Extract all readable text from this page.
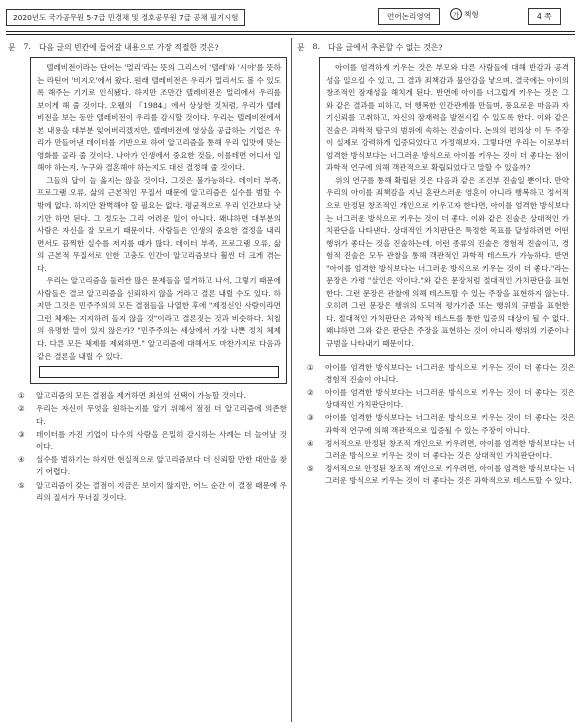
2020년도 국가공무원 5·7급 민경채 및 경호공무원 7급 공채 필기시험	언어논리영역	가 책형	4 쪽
문 7. 다음 글의 빈칸에 들어갈 내용으로 가장 적절한 것은?

텔레비전이라는 단어는 '멀리'라는 뜻의 그리스어 '텔레'와 '시야'를 뜻하는 라틴어 '비지오'에서 왔다. 원래 텔레비전은 우리가 멀리서도 볼 수 있도록 해주는 기기로 인식됐다. 하지만 조만간 텔레비전은 멀리에서 우리를 보이게 해 줄 것이다. 오웰의 『1984』에서 상상한 것처럼, 우리가 텔레비전을 보는 동안 텔레비전이 우리를 감시할 것이다. 우리는 텔레비전에서 본 내용을 대부분 잊어버리겠지만, 텔레비전에 영상을 공급하는 기업은 우리가 만들어낸 데이터를 기반으로 하여 알고리즘을 통해 우리 입맛에 맞는 영화를 골라 줄 것이다. 나아가 인생에서 중요한 것들, 이를테면 어디서 일해야 하는지, 누구와 결혼해야 하는지도 대신 결정해 줄 것이다.

그들의 답이 늘 옳지는 않을 것이다. 그것은 불가능하다. 데이터 부족, 프로그램 오류, 삶의 근본적인 무질서 때문에 알고리즘은 실수를 범할 수밖에 없다. 하지만 완벽해야 할 필요는 없다. 평균적으로 우리 인간보다 낫기만 하면 된다. 그 정도는 그리 어려운 일이 아니다. 왜냐하면 대부분의 사람은 자신을 잘 모르기 때문이다. 사람들은 인생의 중요한 결정을 내리면서도 끔찍한 실수를 저지를 때가 많다. 데이터 부족, 프로그램 오류, 삶의 근본적 무질서로 인한 고충도 인간이 알고리즘보다 훨씬 더 크게 겪는다.

우리는 알고리즘을 둘러싼 많은 문제들을 열거하고 나서, 그렇기 때문에 사람들은 결코 알고리즘을 신뢰하지 않을 거라고 결론 내릴 수도 있다. 하지만 그것은 민주주의의 모든 결점들을 나열한 후에 "제정신인 사람이라면 그런 체제는 지지하려 들지 않을 것"이라고 결론짓는 것과 비슷하다. 처칠의 유명한 말이 있지 않은가? "민주주의는 세상에서 가장 나쁜 정치 체제다. 다른 모든 체제를 제외하면." 알고리즘에 대해서도 마찬가지로 다음과 같은 결론을 내릴 수 있다.

①	알고리즘의 모든 결점을 제거하면 최선의 선택이 가능할 것이다.
②	우리는 자신이 무엇을 원하는지를 알기 위해서 점점 더 알고리즘에 의존한다.
③	데이터를 가진 기업이 다수의 사람을 은밀히 감시하는 사례는 더 늘어날 것이다.
④	실수를 범하기는 하지만 현실적으로 알고리즘보다 더 신뢰할 만한 대안을 찾기 어렵다.
⑤	알고리즘이 갖는 결점이 지금은 보이지 않지만, 어느 순간 이 결점 때문에 우리의 질서가 무너질 것이다.
문 8. 다음 글에서 추론할 수 없는 것은?

아이를 엄격하게 키우는 것은 부모와 다른 사람들에 대해 반감과 공격성을 일으킬 수 있고, 그 결과 죄책감과 불안감을 낳으며, 결국에는 아이의 창조적인 잠재성을 해치게 된다. 반면에 아이를 너그럽게 키우는 것은 그와 같은 결과를 피하고, 더 행복한 인간관계를 만들며, 풍요로운 마음과 자기신뢰를 고취하고, 자신의 잠재력을 발전시킬 수 있도록 한다. 이와 같은 진술은 과학적 탐구의 범위에 속하는 진술이다. 논의의 편의상 이 두 주장이 실제로 강력하게 입증되었다고 가정해보자. 그렇다면 우리는 이로부터 엄격한 방식보다는 너그러운 방식으로 아이를 키우는 것이 더 좋다는 점이 과학적 연구에 의해 객관적으로 확립되었다고 말할 수 있을까?

위의 연구를 통해 확립된 것은 다음과 같은 조건부 진술일 뿐이다. 만약 우리의 아이를 죄책감을 지닌 혼란스러운 영혼이 아니라 행복하고 정서적으로 안정된 창조적인 개인으로 키우고자 한다면, 아이를 엄격한 방식보다는 너그러운 방식으로 키우는 것이 더 좋다. 이와 같은 진술은 상대적인 가치판단을 나타낸다. 상대적인 가치판단은 특정한 목표를 달성하려면 어떤 행위가 좋다는 것을 진술하는데, 이런 종류의 진술은 경험적 진술이고, 경험적 진술은 모두 관찰을 통해 객관적인 과학적 테스트가 가능하다. 반면 "아이를 엄격한 방식보다는 너그러운 방식으로 키우는 것이 더 좋다."라는 문장은 가령 "살인은 악이다."와 같은 문장처럼 절대적인 가치판단을 표현한다. 그런 문장은 관찰에 의해 테스트할 수 있는 주장을 표현하지 않는다. 오히려 그런 문장은 행위의 도덕적 평가기준 또는 행위의 규범을 표현한다. 절대적인 가치판단은 과학적 테스트를 통한 입증의 대상이 될 수 없다. 왜냐하면 그와 같은 판단은 주장을 표현하는 것이 아니라 행위의 기준이나 규범을 나타내기 때문이다.

①	아이를 엄격한 방식보다는 너그러운 방식으로 키우는 것이 더 좋다는 것은 경험적 진술이 아니다.
②	아이를 엄격한 방식보다는 너그러운 방식으로 키우는 것이 더 좋다는 것은 상대적인 가치판단이다.
③	아이를 엄격한 방식보다는 너그러운 방식으로 키우는 것이 더 좋다는 것은 과학적 연구에 의해 객관적으로 입증될 수 있는 주장이 아니다.
④	정서적으로 안정된 창조적 개인으로 키우려면, 아이를 엄격한 방식보다는 너그러운 방식으로 키우는 것이 더 좋다는 것은 상대적인 가치판단이다.
⑤	정서적으로 안정된 창조적 개인으로 키우려면, 아이를 엄격한 방식보다는 너그러운 방식으로 키우는 것이 더 좋다는 것은 과학적으로 테스트할 수 있다.
